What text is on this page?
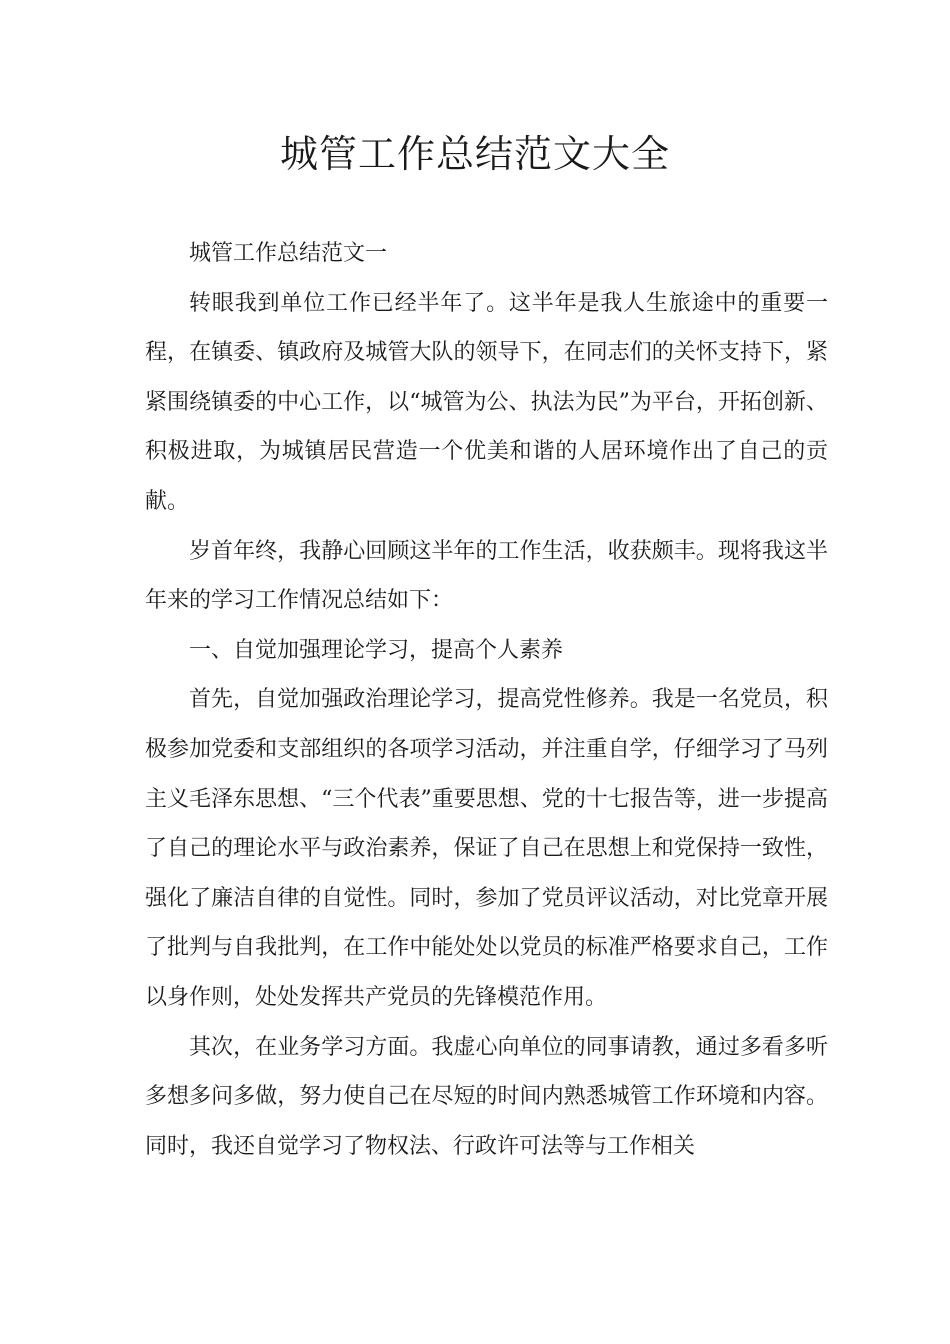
城管工作总结范文大全

城管工作总结范文一

转眼我到单位工作已经半年了。这半年是我人生旅途中的重要一程，在镇委、镇政府及城管大队的领导下，在同志们的关怀支持下，紧紧围绕镇委的中心工作，以“城管为公、执法为民”为平台，开拓创新、积极进取，为城镇居民营造一个优美和谐的人居环境作出了自己的贡献。

岁首年终，我静心回顾这半年的工作生活，收获颇丰。现将我这半年来的学习工作情况总结如下：

一、自觉加强理论学习，提高个人素养

首先，自觉加强政治理论学习，提高党性修养。我是一名党员，积极参加党委和支部组织的各项学习活动，并注重自学，仔细学习了马列主义毛泽东思想、“三个代表”重要思想、党的十七报告等，进一步提高了自己的理论水平与政治素养，保证了自己在思想上和党保持一致性，强化了廉洁自律的自觉性。同时，参加了党员评议活动，对比党章开展了批判与自我批判，在工作中能处处以党员的标准严格要求自己，工作以身作则，处处发挥共产党员的先锋模范作用。

其次，在业务学习方面。我虚心向单位的同事请教，通过多看多听多想多问多做，努力使自己在尽短的时间内熟悉城管工作环境和内容。同时，我还自觉学习了物权法、行政许可法等与工作相关
